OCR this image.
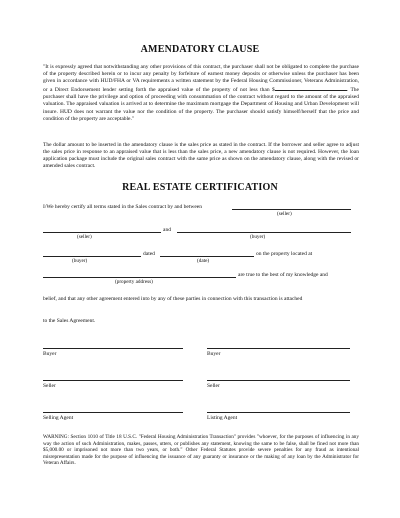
AMENDATORY CLAUSE

"It is expressly agreed that notwithstanding any other provisions of this contract, the purchaser shall not be obligated to complete the purchase of the property described herein or to incur any penalty by forfeiture of earnest money deposits or otherwise unless the purchaser has been given in accordance with HUD/FHA or VA requirements a written statement by the Federal Housing Commissioner, Veterans Administration, or a Direct Endorsement lender setting forth the appraised value of the property of not less than $	. The purchaser shall have the privilege and option of proceeding with consummation of the contract without regard to the amount of the appraised valuation. The appraised valuation is arrived at to determine the maximum mortgage the Department of Housing and Urban Development will insure. HUD does not warrant the value nor the condition of the property. The purchaser should satisfy himself/herself that the price and condition of the property are acceptable."

The dollar amount to be inserted in the amendatory clause is the sales price as stated in the contract. If the borrower and seller agree to adjust the sales price in response to an appraised value that is less than the sales price, a new amendatory clause is not required. However, the loan application package must include the original sales contract with the same price as shown on the amendatory clause, along with the revised or amended sales contract.

REAL ESTATE CERTIFICATION
I/We hereby certify all terms stated in the Sales contract by and between
(seller)
and
(seller)	(buyer)
dated	on the property located at
(buyer)	(date)
are true to the best of my knowledge and
(property address)
belief, and that any other agreement entered into by any of these parties in connection with this transaction is attached
to the Sales Agreement.
Buyer	Buyer
Seller	Seller
Selling Agent	Listing Agent

WARNING: Section 1010 of Title 18 U.S.C. "Federal Housing Administration Transaction" provides "whoever, for the purposes of influencing in any way the action of such Administration, makes, passes, utters, or publishes any statement, knowing the same to be false, shall be fined not more than $5,000.00 or imprisoned not more than two years, or both." Other Federal Statutes provide severe penalties for any fraud as intentional misrepresentation made for the purpose of influencing the issuance of any guaranty or insurance or the making of any loan by the Administrator for Veteran Affairs.
